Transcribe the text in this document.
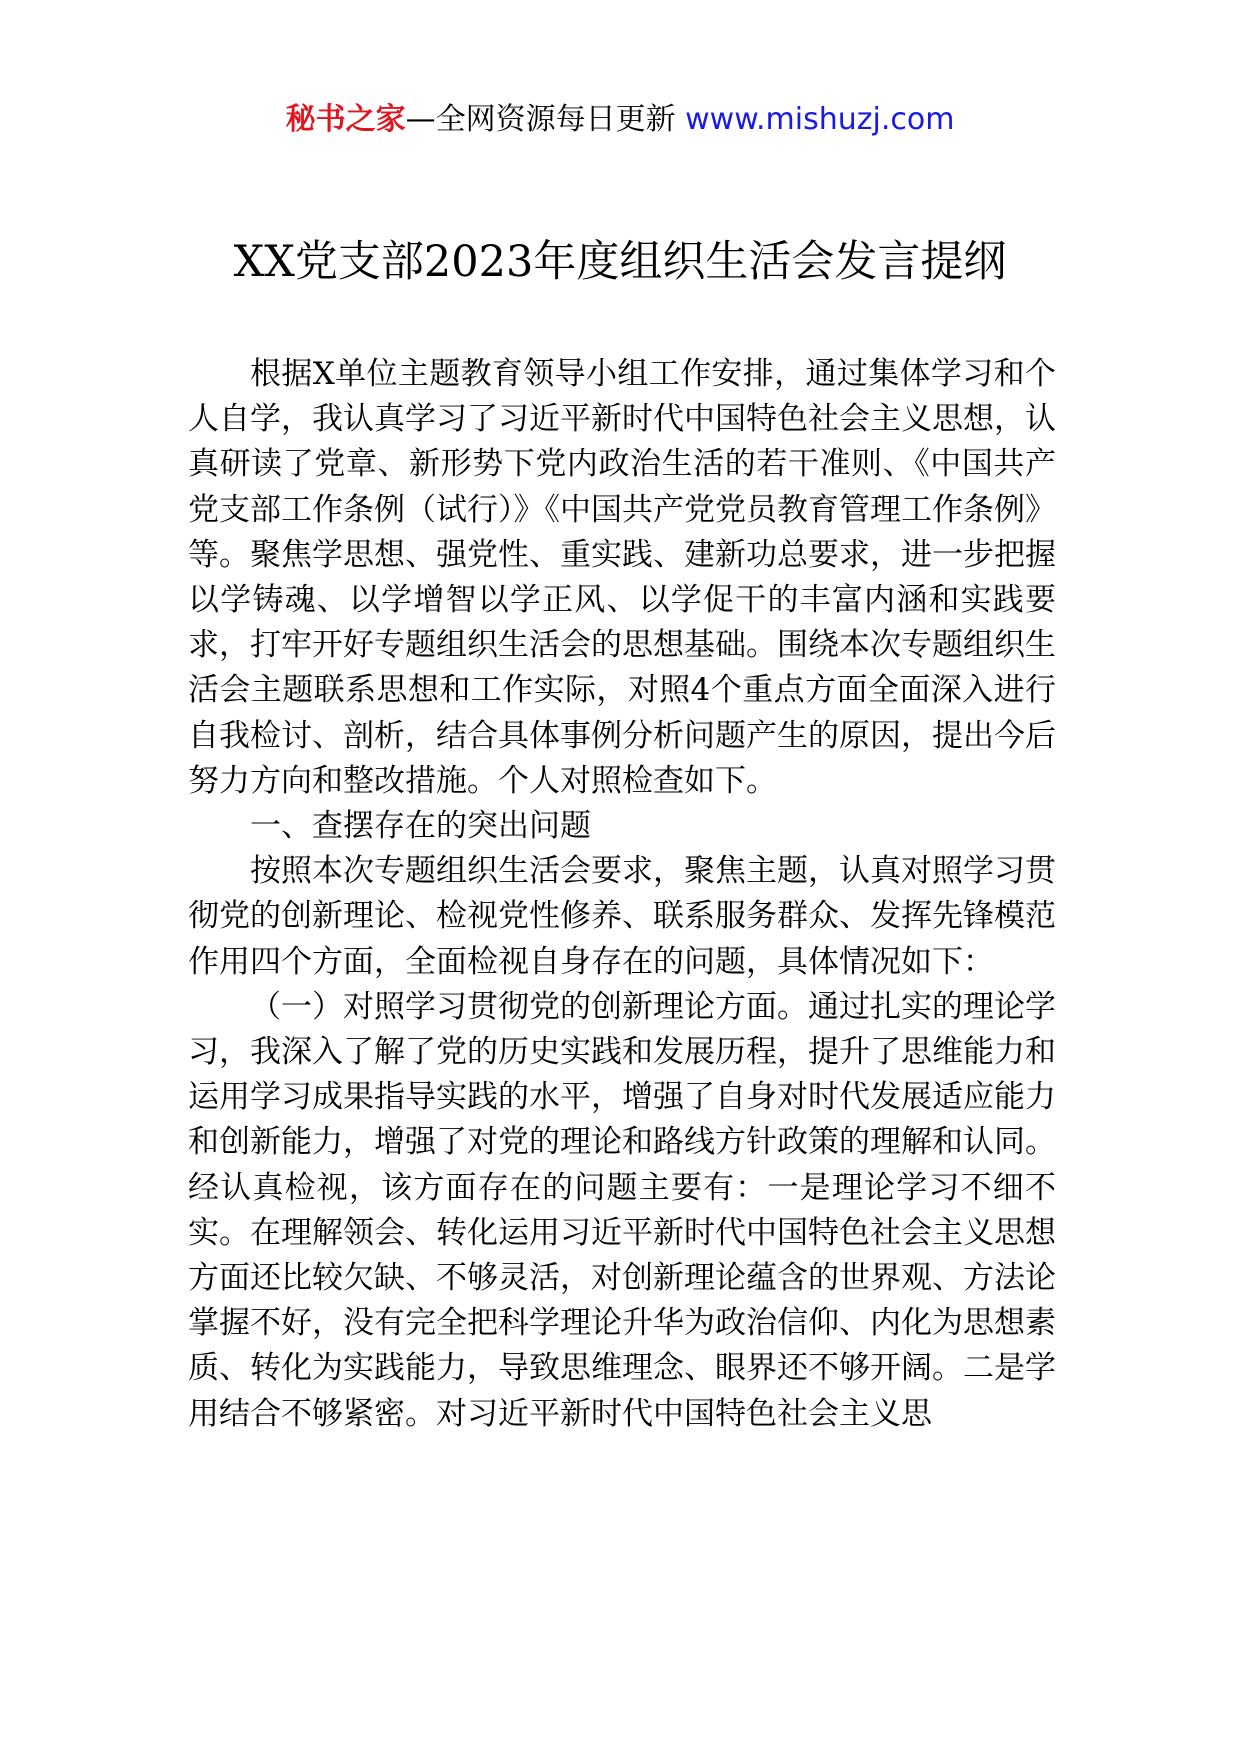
秘书之家—全网资源每日更新 www.mishuzj.com
XX党支部2023年度组织生活会发言提纲

根据X单位主题教育领导小组工作安排，通过集体学习和个人自学，我认真学习了习近平新时代中国特色社会主义思想，认真研读了党章、新形势下党内政治生活的若干准则、《中国共产党支部工作条例（试行）》《中国共产党党员教育管理工作条例》等。聚焦学思想、强党性、重实践、建新功总要求，进一步把握以学铸魂、以学增智以学正风、以学促干的丰富内涵和实践要求，打牢开好专题组织生活会的思想基础。围绕本次专题组织生活会主题联系思想和工作实际，对照4个重点方面全面深入进行自我检讨、剖析，结合具体事例分析问题产生的原因，提出今后努力方向和整改措施。个人对照检查如下。

一、查摆存在的突出问题

按照本次专题组织生活会要求，聚焦主题，认真对照学习贯彻党的创新理论、检视党性修养、联系服务群众、发挥先锋模范作用四个方面，全面检视自身存在的问题，具体情况如下：

（一）对照学习贯彻党的创新理论方面。通过扎实的理论学习，我深入了解了党的历史实践和发展历程，提升了思维能力和运用学习成果指导实践的水平，增强了自身对时代发展适应能力和创新能力，增强了对党的理论和路线方针政策的理解和认同。经认真检视，该方面存在的问题主要有：一是理论学习不细不实。在理解领会、转化运用习近平新时代中国特色社会主义思想方面还比较欠缺、不够灵活，对创新理论蕴含的世界观、方法论掌握不好，没有完全把科学理论升华为政治信仰、内化为思想素质、转化为实践能力，导致思维理念、眼界还不够开阔。二是学用结合不够紧密。对习近平新时代中国特色社会主义思
